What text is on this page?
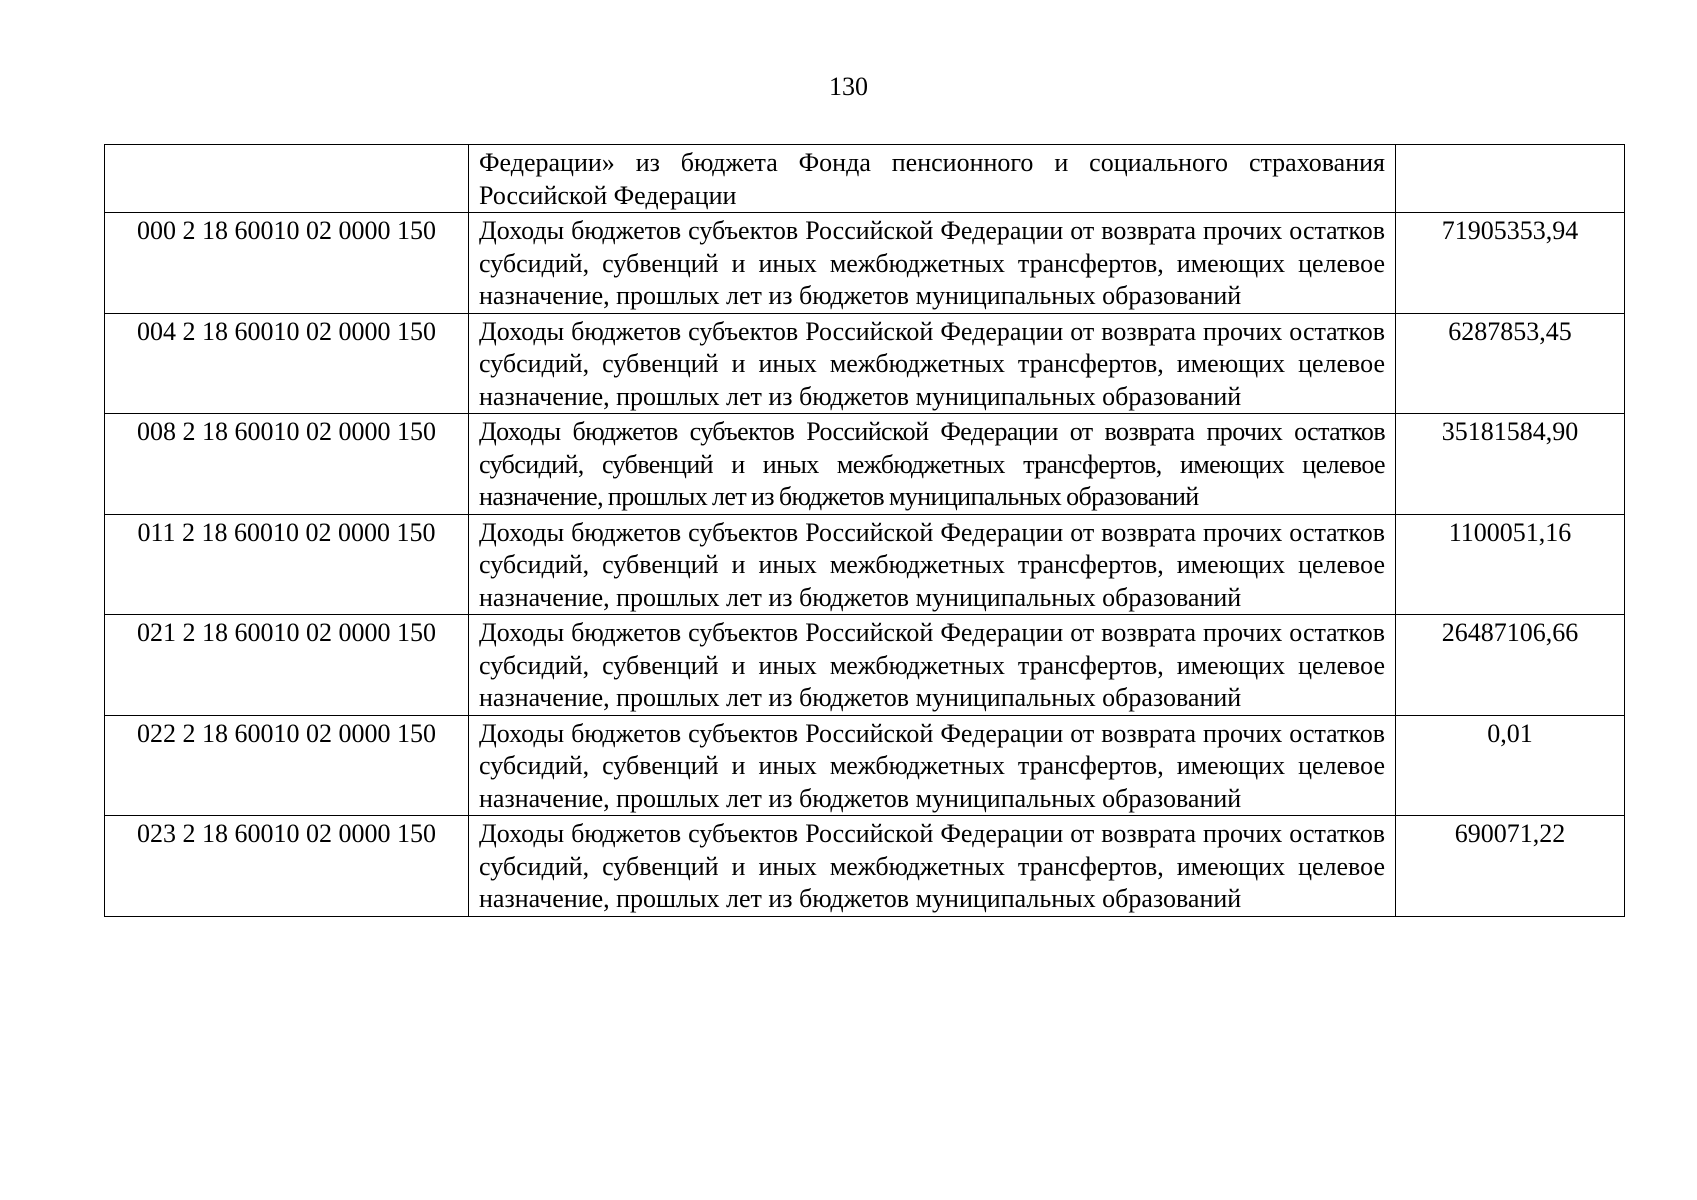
130
	Федерации» из бюджета Фонда пенсионного и социального страхования Российской Федерации	
000 2 18 60010 02 0000 150	Доходы бюджетов субъектов Российской Федерации от возврата прочих остатков субсидий, субвенций и иных межбюджетных трансфертов, имеющих целевое назначение, прошлых лет из бюджетов муниципальных образований	71905353,94
004 2 18 60010 02 0000 150	Доходы бюджетов субъектов Российской Федерации от возврата прочих остатков субсидий, субвенций и иных межбюджетных трансфертов, имеющих целевое назначение, прошлых лет из бюджетов муниципальных образований	6287853,45
008 2 18 60010 02 0000 150	Доходы бюджетов субъектов Российской Федерации от возврата прочих остатков субсидий, субвенций и иных межбюджетных трансфертов, имеющих целевое назначение, прошлых лет из бюджетов муниципальных образований	35181584,90
011 2 18 60010 02 0000 150	Доходы бюджетов субъектов Российской Федерации от возврата прочих остатков субсидий, субвенций и иных межбюджетных трансфертов, имеющих целевое назначение, прошлых лет из бюджетов муниципальных образований	1100051,16
021 2 18 60010 02 0000 150	Доходы бюджетов субъектов Российской Федерации от возврата прочих остатков субсидий, субвенций и иных межбюджетных трансфертов, имеющих целевое назначение, прошлых лет из бюджетов муниципальных образований	26487106,66
022 2 18 60010 02 0000 150	Доходы бюджетов субъектов Российской Федерации от возврата прочих остатков субсидий, субвенций и иных межбюджетных трансфертов, имеющих целевое назначение, прошлых лет из бюджетов муниципальных образований	0,01
023 2 18 60010 02 0000 150	Доходы бюджетов субъектов Российской Федерации от возврата прочих остатков субсидий, субвенций и иных межбюджетных трансфертов, имеющих целевое назначение, прошлых лет из бюджетов муниципальных образований	690071,22
